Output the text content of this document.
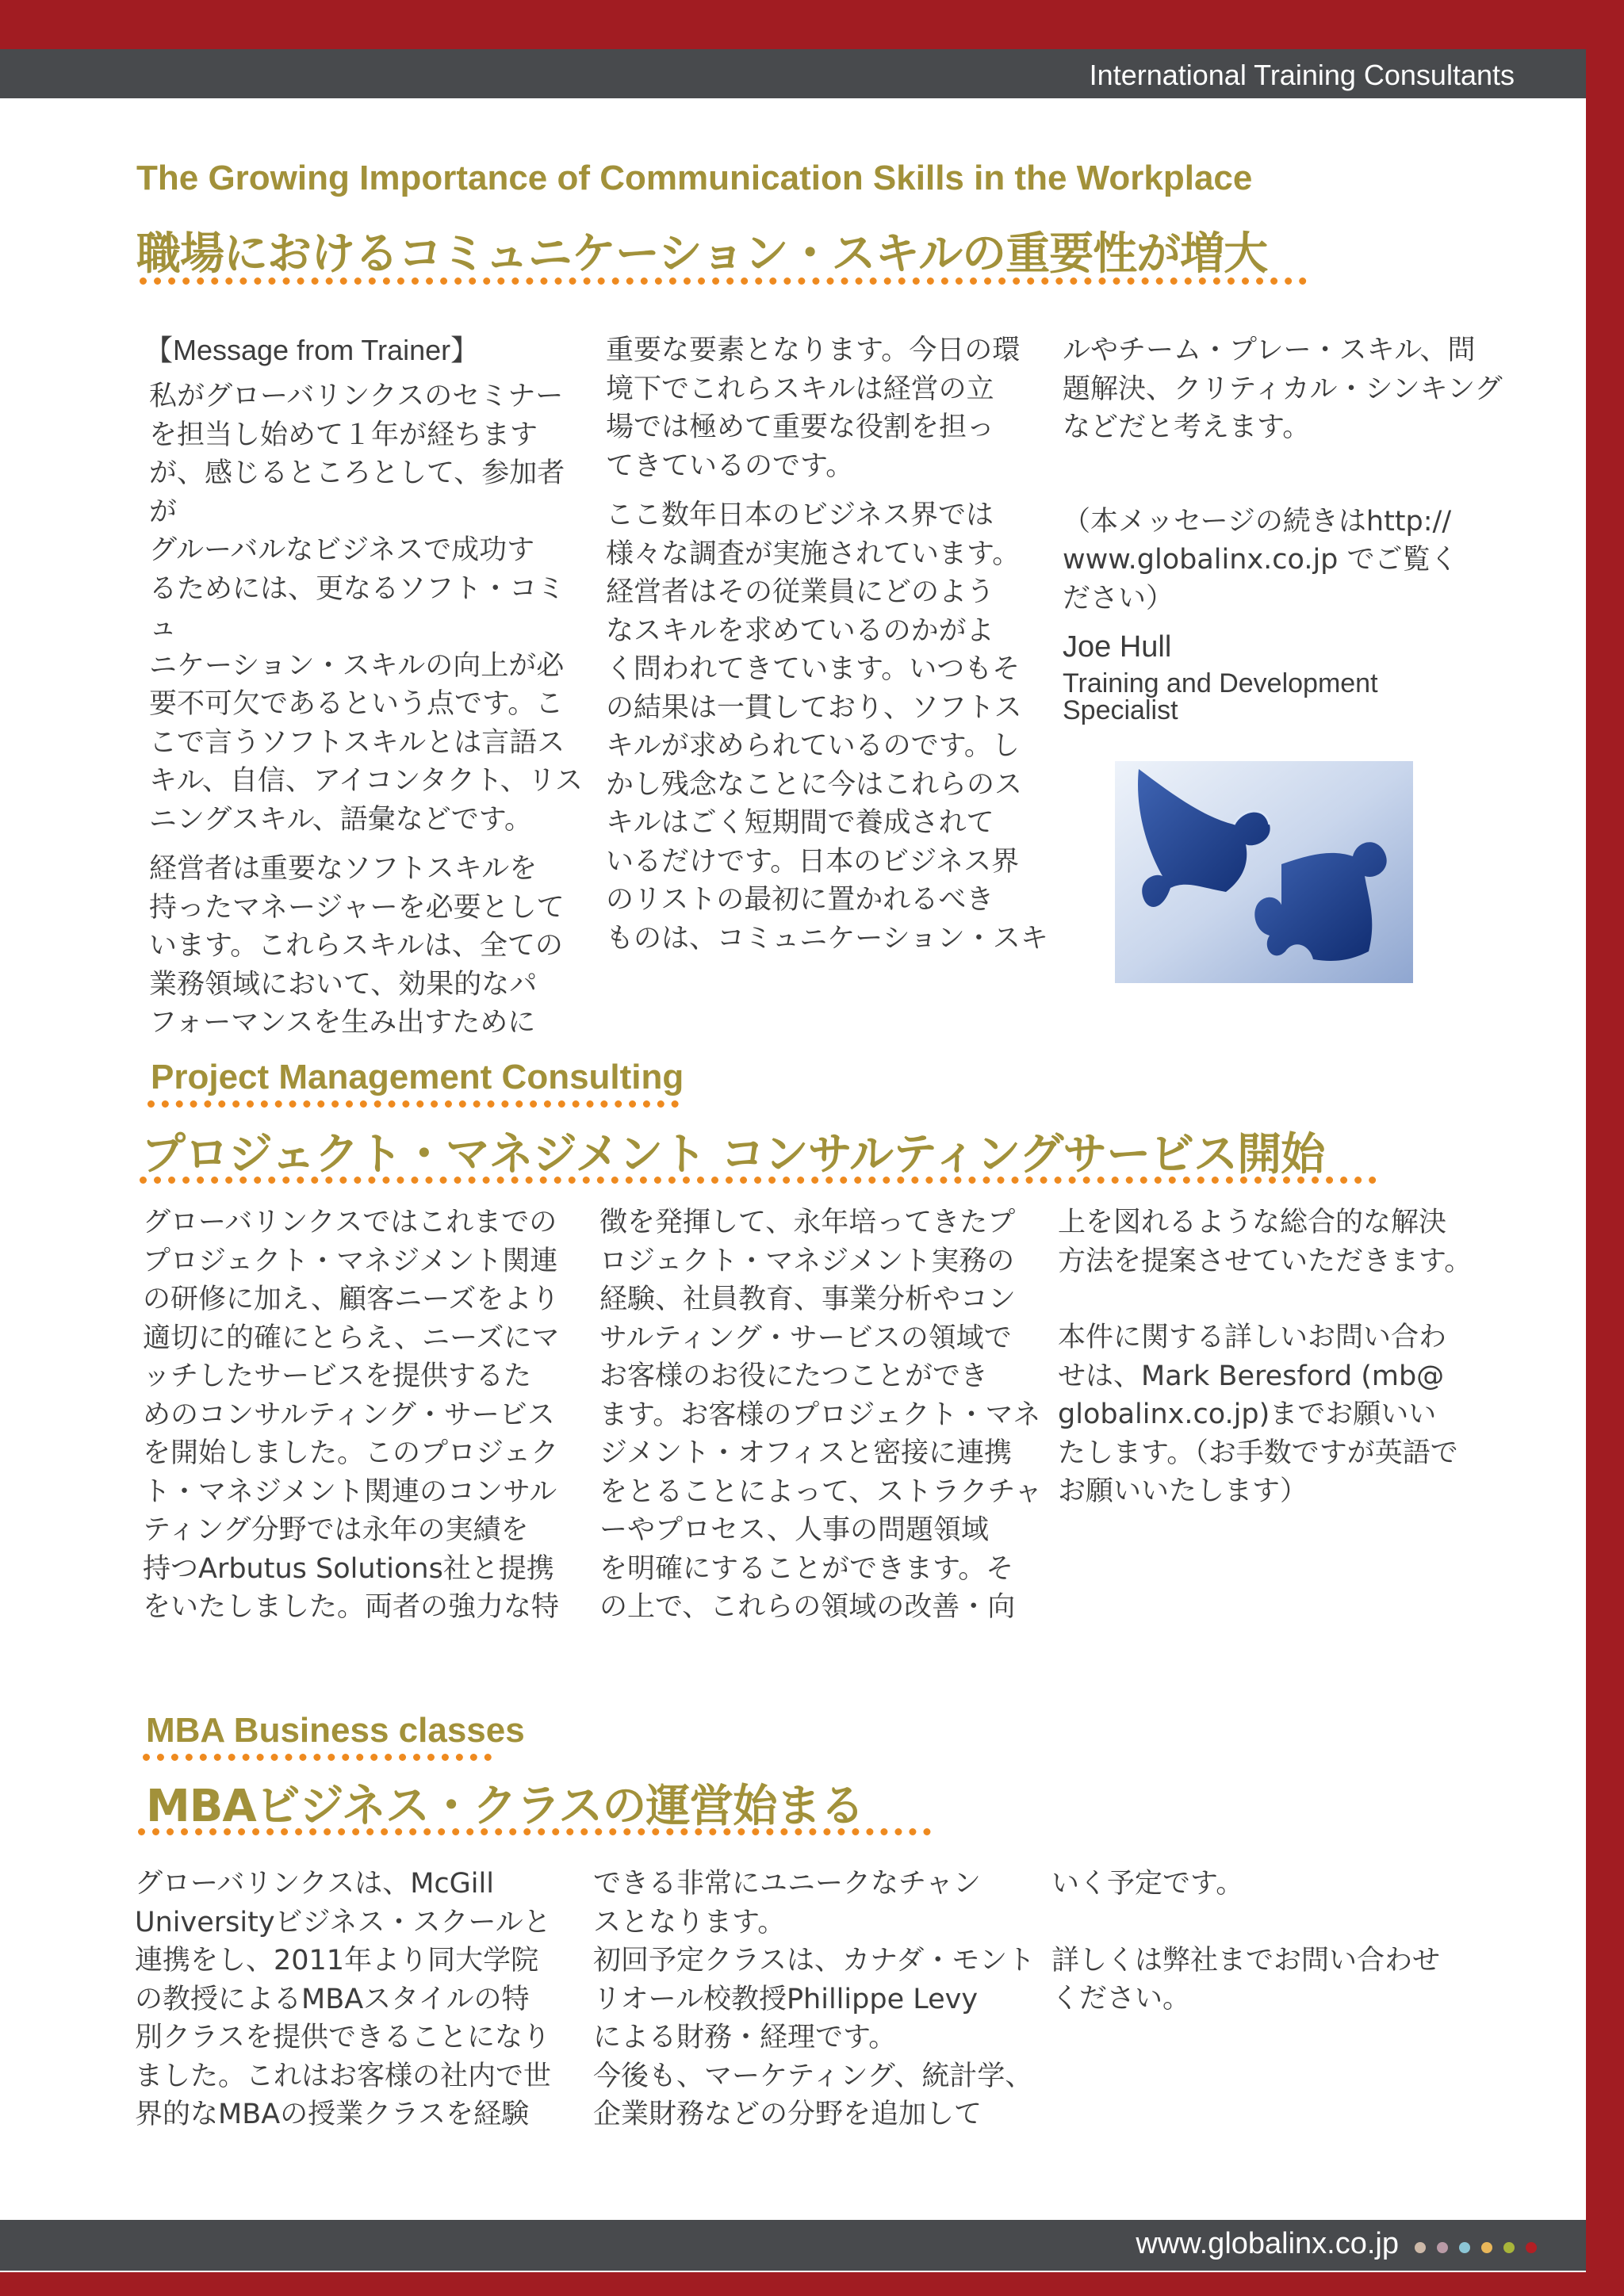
International Training Consultants
The Growing Importance of Communication Skills in the Workplace
職場におけるコミュニケーション・スキルの重要性が増大

【Message from Trainer】

私がグローバリンクスのセミナー
を担当し始めて１年が経ちます
が、感じるところとして、参加者が
グルーバルなビジネスで成功す
るためには、更なるソフト・コミュ
ニケーション・スキルの向上が必
要不可欠であるという点です。こ
こで言うソフトスキルとは言語ス
キル、自信、アイコンタクト、リス
ニングスキル、語彙などです。

経営者は重要なソフトスキルを
持ったマネージャーを必要として
います。これらスキルは、全ての
業務領域において、効果的なパ
フォーマンスを生み出すために

重要な要素となります。今日の環
境下でこれらスキルは経営の立
場では極めて重要な役割を担っ
てきているのです。

ここ数年日本のビジネス界では
様々な調査が実施されています。
経営者はその従業員にどのよう
なスキルを求めているのかがよ
く問われてきています。いつもそ
の結果は一貫しており、ソフトス
キルが求められているのです。し
かし残念なことに今はこれらのス
キルはごく短期間で養成されて
いるだけです。日本のビジネス界
のリストの最初に置かれるべき
ものは、コミュニケーション・スキ

ルやチーム・プレー・スキル、問
題解決、クリティカル・シンキング
などだと考えます。

（本メッセージの続きはhttp://
www.globalinx.co.jp でご覧く
ださい）

Joe Hull
Training and Development
Specialist
Project Management Consulting
プロジェクト・マネジメント コンサルティングサービス開始

グローバリンクスではこれまでの
プロジェクト・マネジメント関連
の研修に加え、顧客ニーズをより
適切に的確にとらえ、ニーズにマ
ッチしたサービスを提供するた
めのコンサルティング・サービス
を開始しました。このプロジェク
ト・マネジメント関連のコンサル
ティング分野では永年の実績を
持つArbutus Solutions社と提携
をいたしました。両者の強力な特

徴を発揮して、永年培ってきたプ
ロジェクト・マネジメント実務の
経験、社員教育、事業分析やコン
サルティング・サービスの領域で
お客様のお役にたつことができ
ます。お客様のプロジェクト・マネ
ジメント・オフィスと密接に連携
をとることによって、ストラクチャ
ーやプロセス、人事の問題領域
を明確にすることができます。そ
の上で、これらの領域の改善・向

上を図れるような総合的な解決
方法を提案させていただきます。

本件に関する詳しいお問い合わ
せは、Mark Beresford (mb@
globalinx.co.jp)までお願いい
たします。（お手数ですが英語で
お願いいたします）

MBA Business classes
MBAビジネス・クラスの運営始まる

グローバリンクスは、McGill
Universityビジネス・スクールと
連携をし、2011年より同大学院
の教授によるMBAスタイルの特
別クラスを提供できることになり
ました。これはお客様の社内で世
界的なMBAの授業クラスを経験

できる非常にユニークなチャン
スとなります。
初回予定クラスは、カナダ・モント
リオール校教授Phillippe Levy
による財務・経理です。
今後も、マーケティング、統計学、
企業財務などの分野を追加して

いく予定です。

詳しくは弊社までお問い合わせ
ください。

www.globalinx.co.jp
